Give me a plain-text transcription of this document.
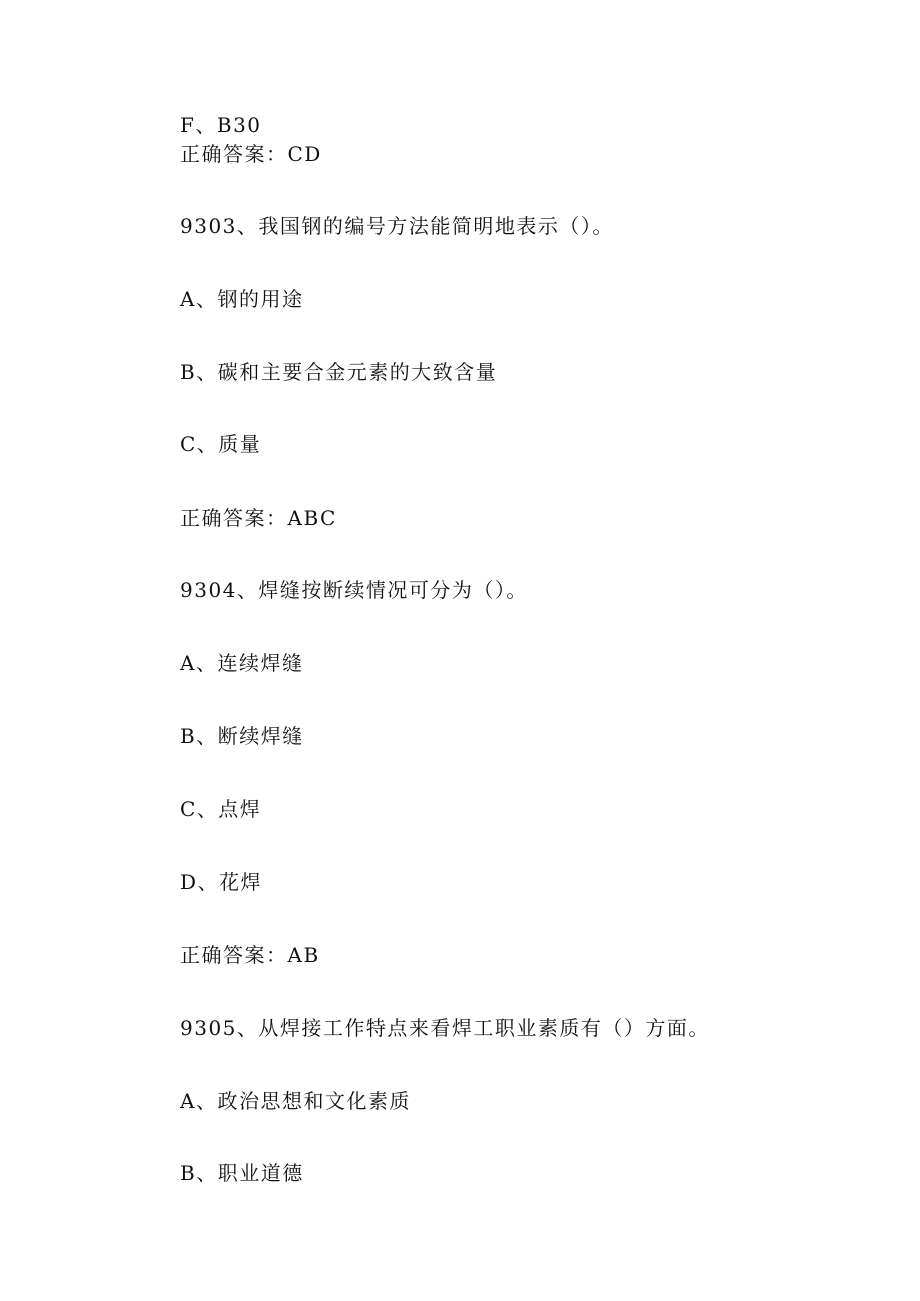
F、B30
正确答案：CD
9303、我国钢的编号方法能简明地表示（）。
A、钢的用途
B、碳和主要合金元素的大致含量
C、质量
正确答案：ABC
9304、焊缝按断续情况可分为（）。
A、连续焊缝
B、断续焊缝
C、点焊
D、花焊
正确答案：AB
9305、从焊接工作特点来看焊工职业素质有（）方面。
A、政治思想和文化素质
B、职业道德
